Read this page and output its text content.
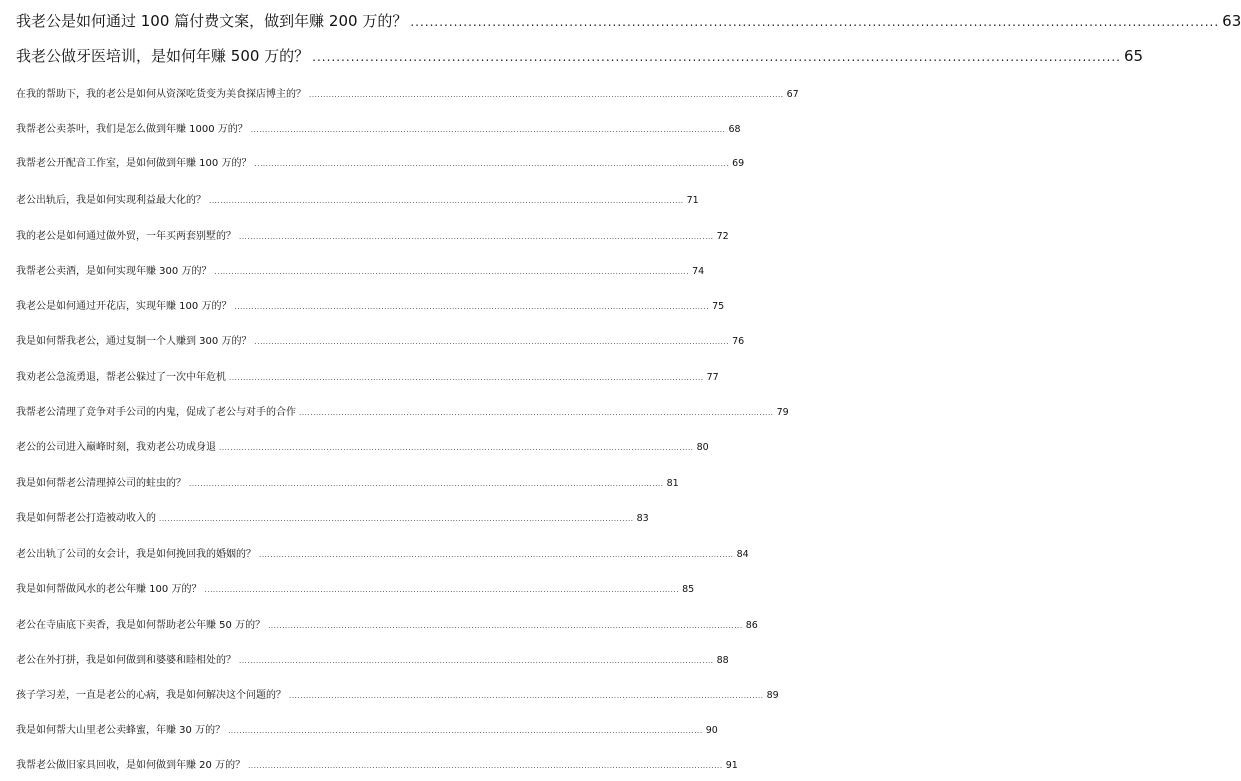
我老公是如何通过 100 篇付费文案，做到年赚 200 万的？ .....	63
我老公做牙医培训，是如何年赚 500 万的？ .....	65
在我的帮助下，我的老公是如何从资深吃货变为美食探店博主的？ .....	67
我帮老公卖茶叶，我们是怎么做到年赚 1000 万的？ .....	68
我帮老公开配音工作室，是如何做到年赚 100 万的？ .....	69
老公出轨后，我是如何实现利益最大化的？ .....	71
我的老公是如何通过做外贸，一年买两套别墅的？ .....	72
我帮老公卖酒，是如何实现年赚 300 万的？ .....	74
我老公是如何通过开花店，实现年赚 100 万的？ .....	75
我是如何帮我老公，通过复制一个人赚到 300 万的？ .....	76
我劝老公急流勇退，帮老公躲过了一次中年危机 .....	77
我帮老公清理了竞争对手公司的内鬼，促成了老公与对手的合作 .....	79
老公的公司进入巅峰时刻，我劝老公功成身退 .....	80
我是如何帮老公清理掉公司的蛀虫的？ .....	81
我是如何帮老公打造被动收入的 .....	83
老公出轨了公司的女会计，我是如何挽回我的婚姻的？ .....	84
我是如何帮做风水的老公年赚 100 万的？ .....	85
老公在寺庙底下卖香，我是如何帮助老公年赚 50 万的？ .....	86
老公在外打拼，我是如何做到和婆婆和睦相处的？ .....	88
孩子学习差，一直是老公的心病，我是如何解决这个问题的？ .....	89
我是如何帮大山里老公卖蜂蜜，年赚 30 万的？ .....	90
我帮老公做旧家具回收，是如何做到年赚 20 万的？ .....	91
